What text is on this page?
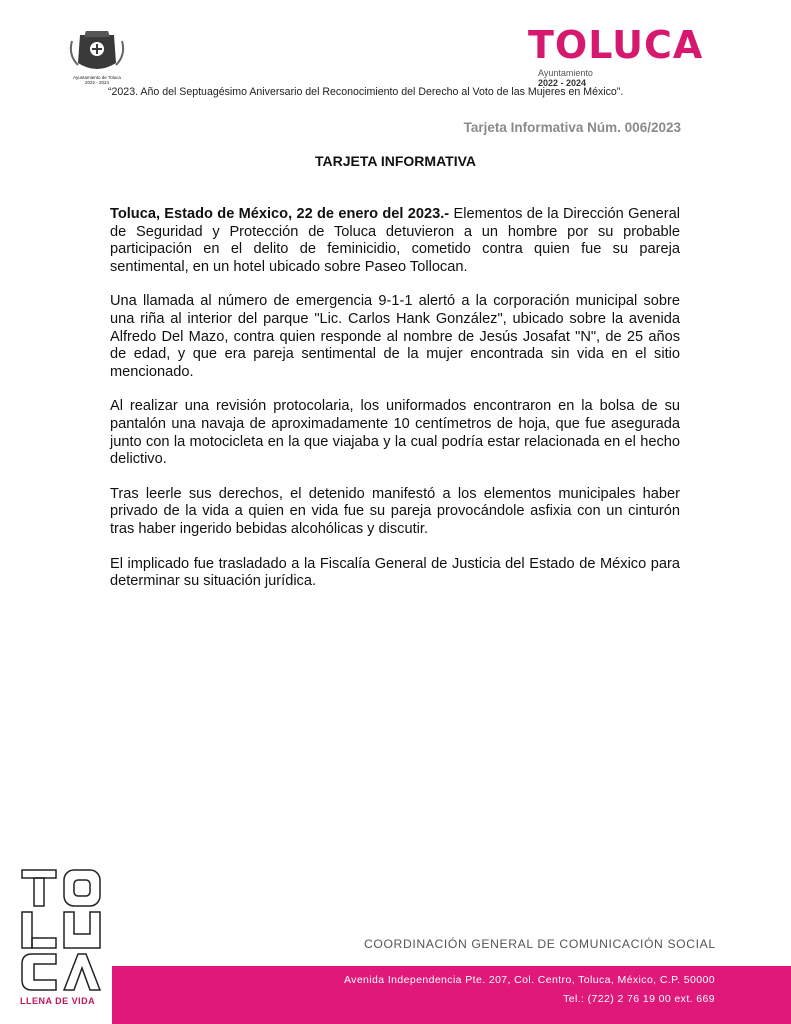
Ayuntamiento de Toluca
2022 - 2024
TOLUCA
Ayuntamiento
2022 - 2024
“2023. Año del Septuagésimo Aniversario del Reconocimiento del Derecho al Voto de las Mujeres en México”.
Tarjeta Informativa Núm. 006/2023
TARJETA INFORMATIVA

Toluca, Estado de México, 22 de enero del 2023.- Elementos de la Dirección General de Seguridad y Protección de Toluca detuvieron a un hombre por su probable participación en el delito de feminicidio, cometido contra quien fue su pareja sentimental, en un hotel ubicado sobre Paseo Tollocan.

Una llamada al número de emergencia 9-1-1 alertó a la corporación municipal sobre una riña al interior del parque "Lic. Carlos Hank González", ubicado sobre la avenida Alfredo Del Mazo, contra quien responde al nombre de Jesús Josafat "N", de 25 años de edad, y que era pareja sentimental de la mujer encontrada sin vida en el sitio mencionado.

Al realizar una revisión protocolaria, los uniformados encontraron en la bolsa de su pantalón una navaja de aproximadamente 10 centímetros de hoja, que fue asegurada junto con la motocicleta en la que viajaba y la cual podría estar relacionada en el hecho delictivo.

Tras leerle sus derechos, el detenido manifestó a los elementos municipales haber privado de la vida a quien en vida fue su pareja provocándole asfixia con un cinturón tras haber ingerido bebidas alcohólicas y discutir.

El implicado fue trasladado a la Fiscalía General de Justicia del Estado de México para determinar su situación jurídica.

LLENA DE VIDA
COORDINACIÓN GENERAL DE COMUNICACIÓN SOCIAL
Avenida Independencia Pte. 207, Col. Centro, Toluca, México, C.P. 50000
Tel.: (722) 2 76 19 00 ext. 669
